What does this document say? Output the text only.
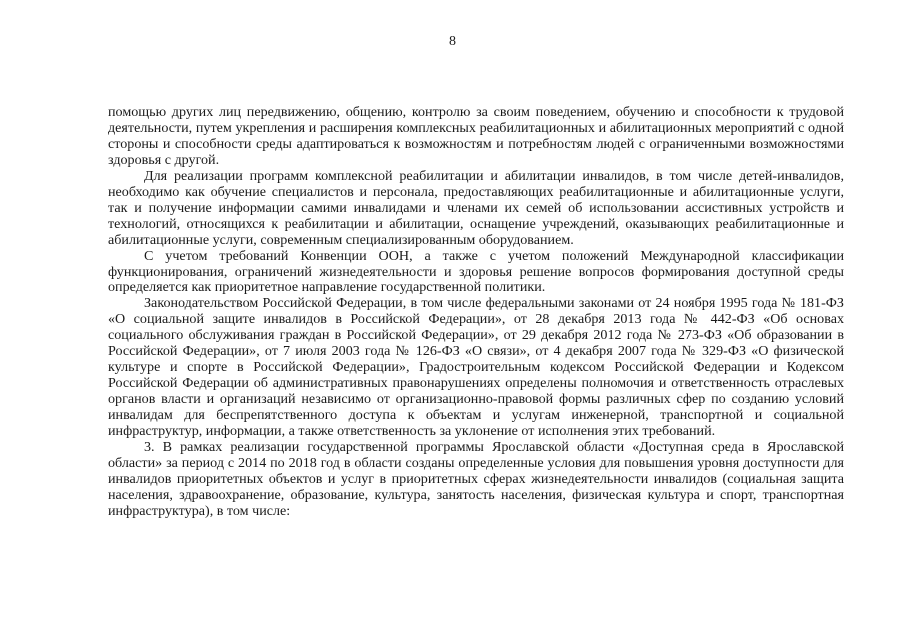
8

помощью других лиц передвижению, общению, контролю за своим поведением, обучению и способности к трудовой деятельности, путем укрепления и расширения комплексных реабилитационных и абилитационных мероприятий с одной стороны и способности среды адаптироваться к возможностям и потребностям людей с ограниченными возможностями здоровья с другой.

Для реализации программ комплексной реабилитации и абилитации инвалидов, в том числе детей-инвалидов, необходимо как обучение специалистов и персонала, предоставляющих реабилитационные и абилитационные услуги, так и получение информации самими инвалидами и членами их семей об использовании ассистивных устройств и технологий, относящихся к реабилитации и абилитации, оснащение учреждений, оказывающих реабилитационные и абилитационные услуги, современным специализированным оборудованием.

С учетом требований Конвенции ООН, а также с учетом положений Международной классификации функционирования, ограничений жизнедеятельности и здоровья решение вопросов формирования доступной среды определяется как приоритетное направление государственной политики.

Законодательством Российской Федерации, в том числе федеральными законами от 24 ноября 1995 года № 181-ФЗ «О социальной защите инвалидов в Российской Федерации», от 28 декабря 2013 года № 442-ФЗ «Об основах социального обслуживания граждан в Российской Федерации», от 29 декабря 2012 года № 273-ФЗ «Об образовании в Российской Федерации», от 7 июля 2003 года № 126-ФЗ «О связи», от 4 декабря 2007 года № 329-ФЗ «О физической культуре и спорте в Российской Федерации», Градостроительным кодексом Российской Федерации и Кодексом Российской Федерации об административных правонарушениях определены полномочия и ответственность отраслевых органов власти и организаций независимо от организационно-правовой формы различных сфер по созданию условий инвалидам для беспрепятственного доступа к объектам и услугам инженерной, транспортной и социальной инфраструктур, информации, а также ответственность за уклонение от исполнения этих требований.

3. В рамках реализации государственной программы Ярославской области «Доступная среда в Ярославской области» за период с 2014 по 2018 год в области созданы определенные условия для повышения уровня доступности для инвалидов приоритетных объектов и услуг в приоритетных сферах жизнедеятельности инвалидов (социальная защита населения, здравоохранение, образование, культура, занятость населения, физическая культура и спорт, транспортная инфраструктура), в том числе:
